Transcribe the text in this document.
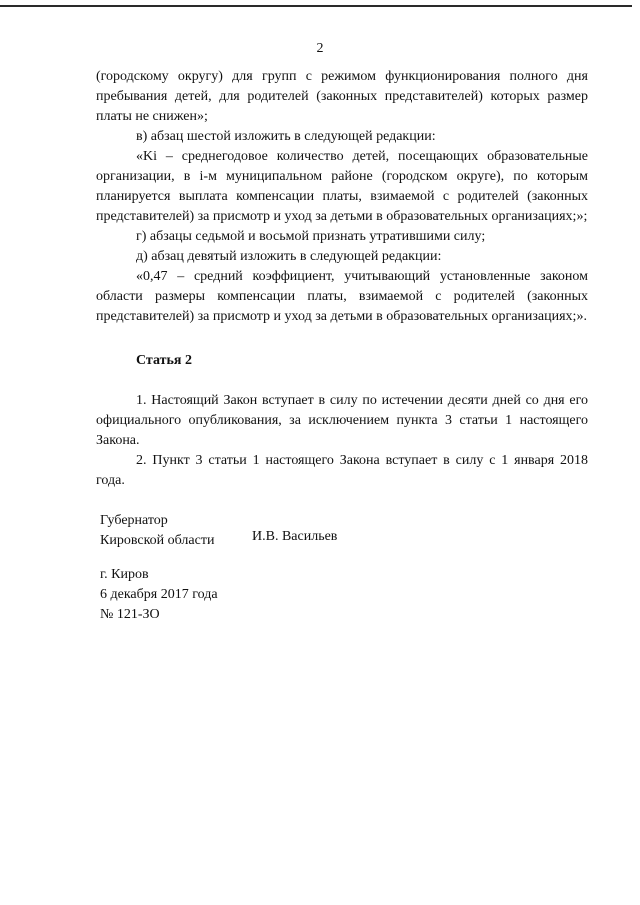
2

(городскому округу) для групп с режимом функционирования полного дня пребывания детей, для родителей (законных представителей) которых размер платы не снижен»;

в) абзац шестой изложить в следующей редакции:

«Ki – среднегодовое количество детей, посещающих образовательные организации, в i-м муниципальном районе (городском округе), по которым планируется выплата компенсации платы, взимаемой с родителей (законных представителей) за присмотр и уход за детьми в образовательных организациях;»;

г) абзацы седьмой и восьмой признать утратившими силу;

д) абзац девятый изложить в следующей редакции:

«0,47 – средний коэффициент, учитывающий установленные законом области размеры компенсации платы, взимаемой с родителей (законных представителей) за присмотр и уход за детьми в образовательных организациях;».

Статья 2

1. Настоящий Закон вступает в силу по истечении десяти дней со дня его официального опубликования, за исключением пункта 3 статьи 1 настоящего Закона.

2. Пункт 3 статьи 1 настоящего Закона вступает в силу с 1 января 2018 года.

Губернатор
Кировской области	И.В. Васильев
г. Киров
6 декабря 2017 года
№ 121-ЗО
